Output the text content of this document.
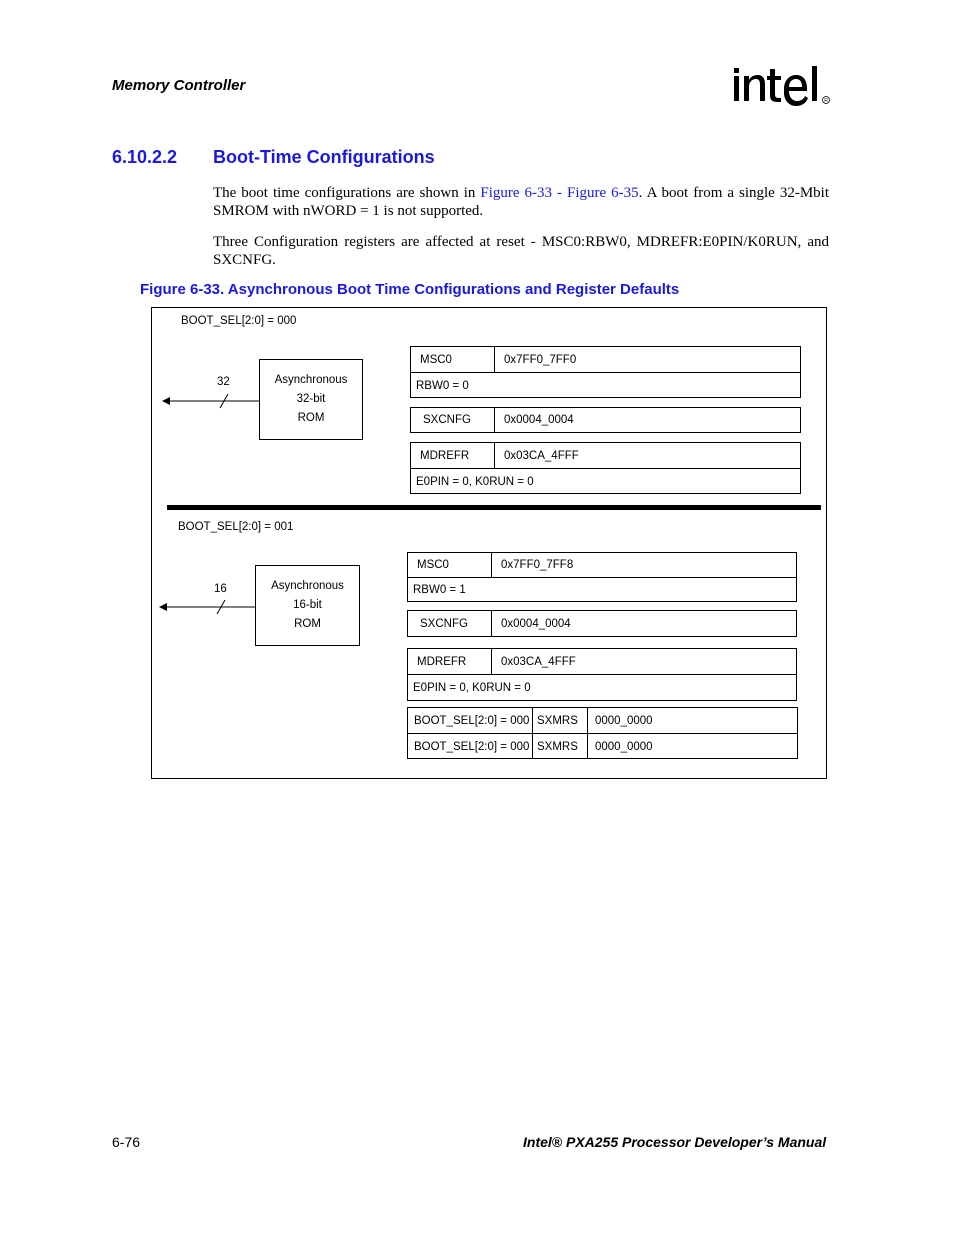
Memory Controller
R
6.10.2.2 Boot-Time Configurations
The boot time configurations are shown in Figure 6-33 - Figure 6-35. A boot from a single 32-Mbit SMROM with nWORD = 1 is not supported.
Three Configuration registers are affected at reset - MSC0:RBW0, MDREFR:E0PIN/K0RUN, and SXCNFG.
Figure 6-33. Asynchronous Boot Time Configurations and Register Defaults
BOOT_SEL[2:0] = 000
Asynchronous
32-bit
ROM
32
MSC0	0x7FF0_7FF0
RBW0 = 0
SXCNFG	0x0004_0004
MDREFR	0x03CA_4FFF
E0PIN = 0, K0RUN = 0
BOOT_SEL[2:0] = 001
Asynchronous
16-bit
ROM
16
MSC0	0x7FF0_7FF8
RBW0 = 1
SXCNFG	0x0004_0004
MDREFR	0x03CA_4FFF
E0PIN = 0, K0RUN = 0
BOOT_SEL[2:0] = 000 SXMRS	0000_0000
BOOT_SEL[2:0] = 000 SXMRS	0000_0000
6-76	Intel® PXA255 Processor Developer’s Manual
